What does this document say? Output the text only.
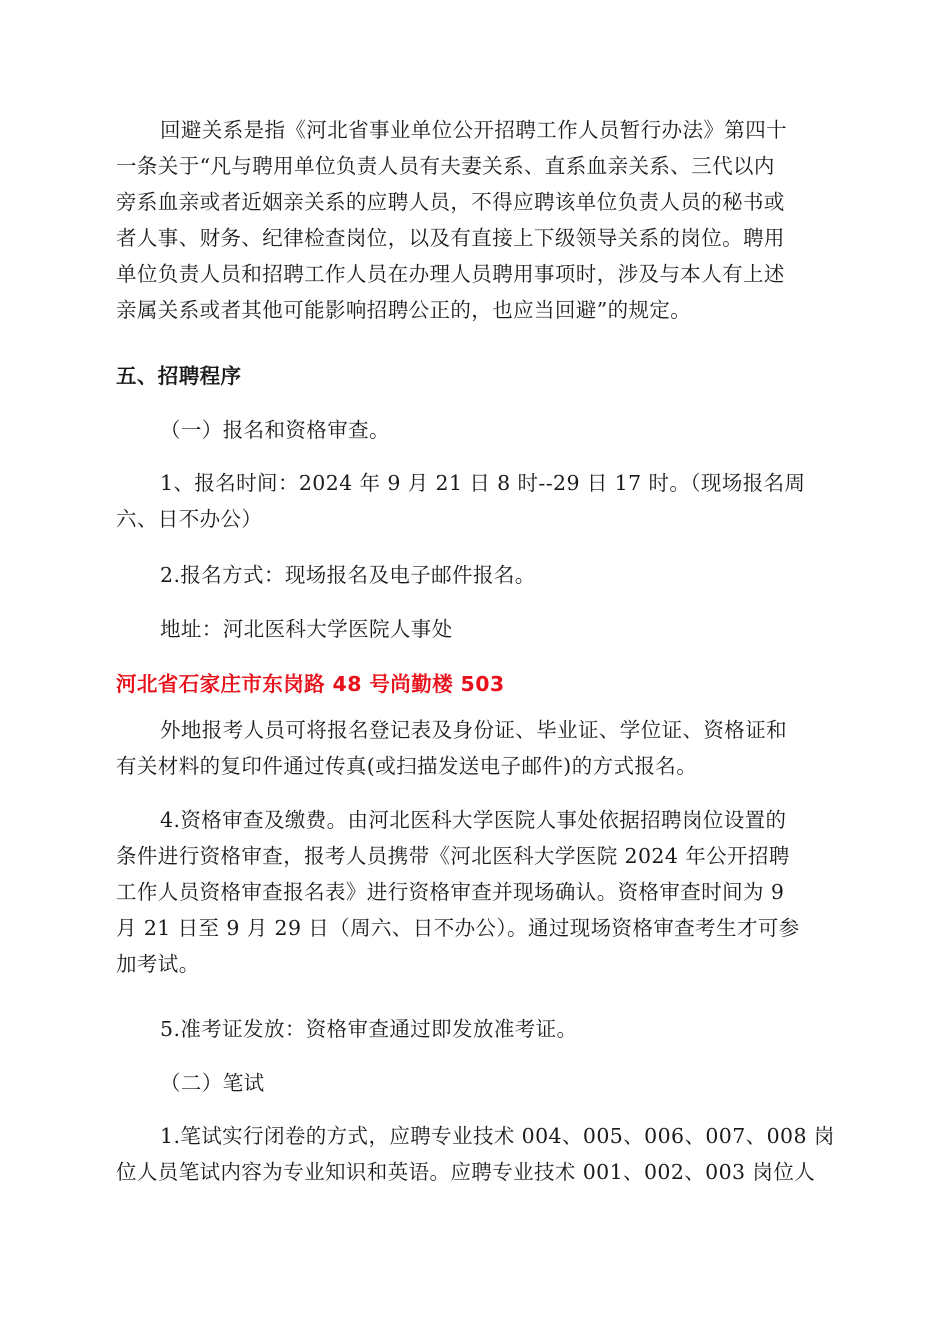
回避关系是指《河北省事业单位公开招聘工作人员暂行办法》第四十
一条关于“凡与聘用单位负责人员有夫妻关系、直系血亲关系、三代以内
旁系血亲或者近姻亲关系的应聘人员，不得应聘该单位负责人员的秘书或
者人事、财务、纪律检查岗位，以及有直接上下级领导关系的岗位。聘用
单位负责人员和招聘工作人员在办理人员聘用事项时，涉及与本人有上述
亲属关系或者其他可能影响招聘公正的，也应当回避”的规定。

五、招聘程序

（一）报名和资格审查。

1、报名时间：2024 年 9 月 21 日 8 时--29 日 17 时。（现场报名周
六、日不办公）

2.报名方式：现场报名及电子邮件报名。

地址：河北医科大学医院人事处

河北省石家庄市东岗路 48 号尚勤楼 503

外地报考人员可将报名登记表及身份证、毕业证、学位证、资格证和
有关材料的复印件通过传真(或扫描发送电子邮件)的方式报名。

4.资格审查及缴费。由河北医科大学医院人事处依据招聘岗位设置的
条件进行资格审查，报考人员携带《河北医科大学医院 2024 年公开招聘
工作人员资格审查报名表》进行资格审查并现场确认。资格审查时间为 9
月 21 日至 9 月 29 日（周六、日不办公）。通过现场资格审查考生才可参
加考试。

5.准考证发放：资格审查通过即发放准考证。

（二）笔试

1.笔试实行闭卷的方式，应聘专业技术 004、005、006、007、008 岗
位人员笔试内容为专业知识和英语。应聘专业技术 001、002、003 岗位人
